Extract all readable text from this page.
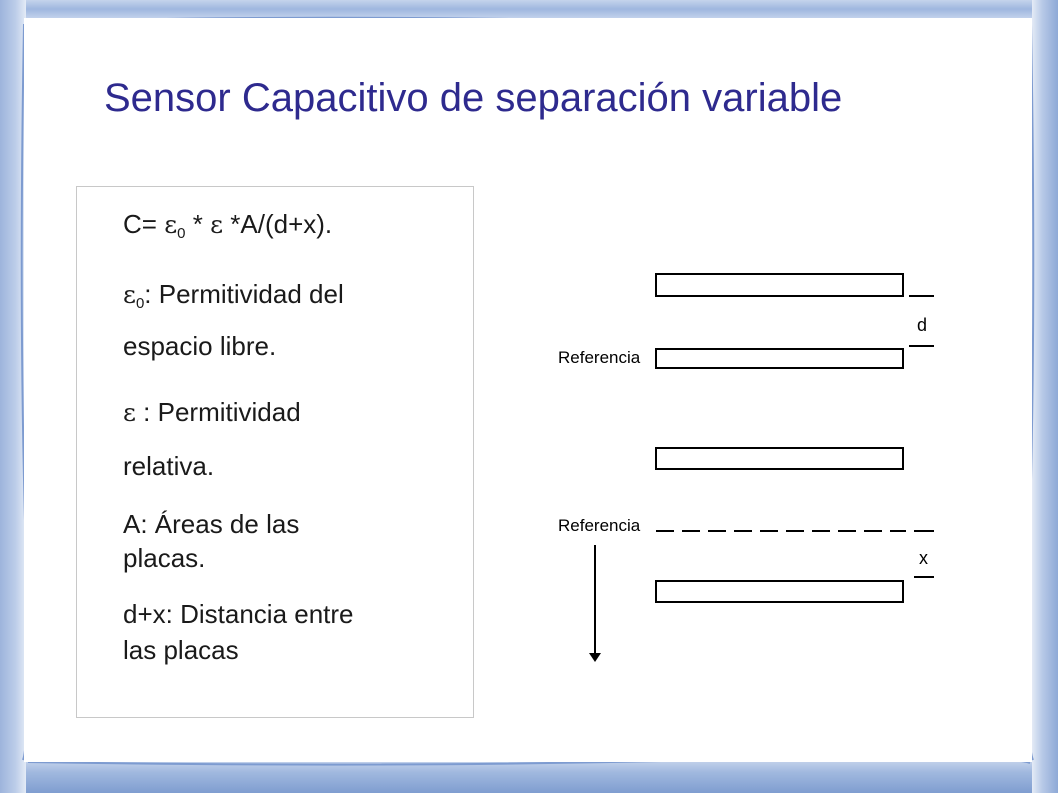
Sensor Capacitivo de separación variable
$C= \varepsilon_0 * \varepsilon$ *A/(d+x).
$\varepsilon_0$: Permitividad del
espacio libre.
ε : Permitividad
relativa.
A: Áreas de las
placas.
d+x: Distancia entre
las placas
d
Referencia
Referencia
x
